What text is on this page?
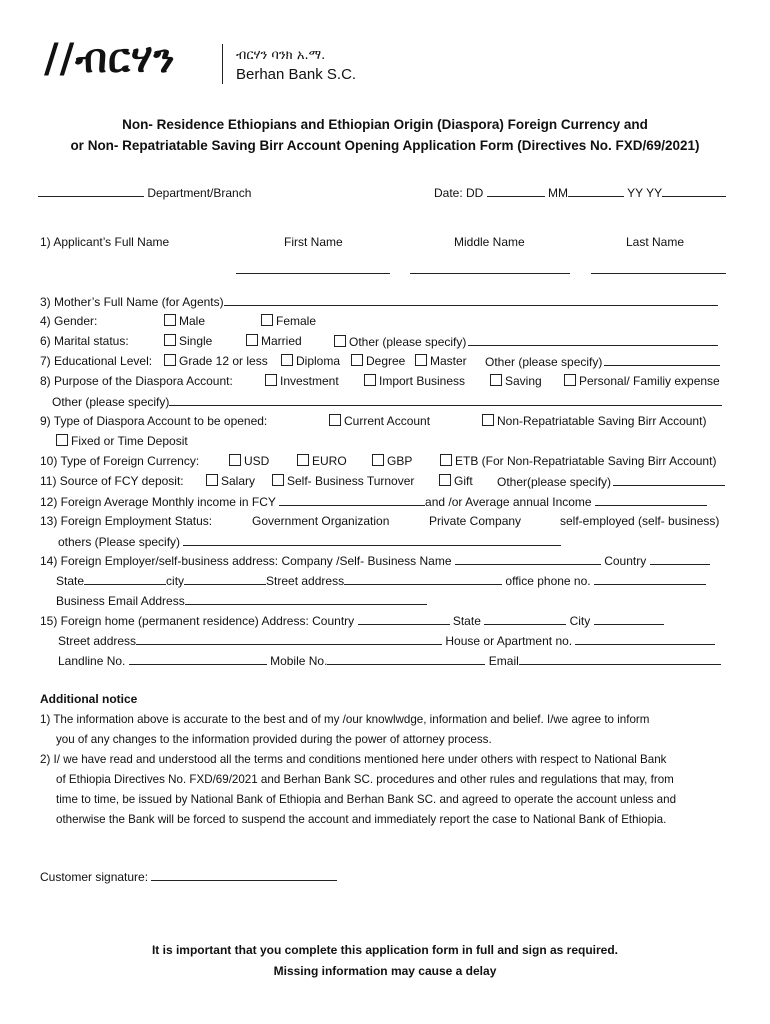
//ብርሃን	ብርሃን ባንክ አ.ማ.
Berhan Bank S.C.
Non- Residence Ethiopians and Ethiopian Origin (Diaspora) Foreign Currency and
or Non- Repatriatable Saving Birr Account Opening Application Form (Directives No. FXD/69/2021)
Department/Branch	Date: DD	MM	YY YY
1) Applicant’s Full Name	First Name	Middle Name	Last Name
3) Mother’s Full Name (for Agents)
4) Gender:	Male	Female
6) Marital status:	Single	Married	Other (please specify)
7) Educational Level:	Grade 12 or less	Diploma	Degree	Master Other (please specify)
8) Purpose of the Diaspora Account:	Investment	Import Business	Saving	Personal/ Familiy expense
Other (please specify)
9) Type of Diaspora Account to be opened:	Current Account	Non-Repatriatable Saving Birr Account)
Fixed or Time Deposit
10) Type of Foreign Currency:	USD	EURO	GBP	ETB (For Non-Repatriatable Saving Birr Account)
11) Source of FCY deposit:	Salary	Self- Business Turnover	Gift Other(please specify)
12) Foreign Average Monthly income in FCY	and /or Average annual Income
13) Foreign Employment Status:	Government Organization	Private Company	self-employed (self- business)
others (Please specify)
14) Foreign Employer/self-business address: Company /Self- Business Name	Country
State	city	Street address	office phone no.
Business Email Address
15) Foreign home (permanent residence) Address: Country	State	City
Street address	House or Apartment no.
Landline No.	Mobile No.	Email
Additional notice
1) The information above is accurate to the best and of my /our knowlwdge, information and belief. I/we agree to inform
you of any changes to the information provided during the power of attorney process.
2) I/ we have read and understood all the terms and conditions mentioned here under others with respect to National Bank
of Ethiopia Directives No. FXD/69/2021 and Berhan Bank SC. procedures and other rules and regulations that may, from
time to time, be issued by National Bank of Ethiopia and Berhan Bank SC. and agreed to operate the account unless and
otherwise the Bank will be forced to suspend the account and immediately report the case to National Bank of Ethiopia.
Customer signature:
It is important that you complete this application form in full and sign as required.
Missing information may cause a delay
